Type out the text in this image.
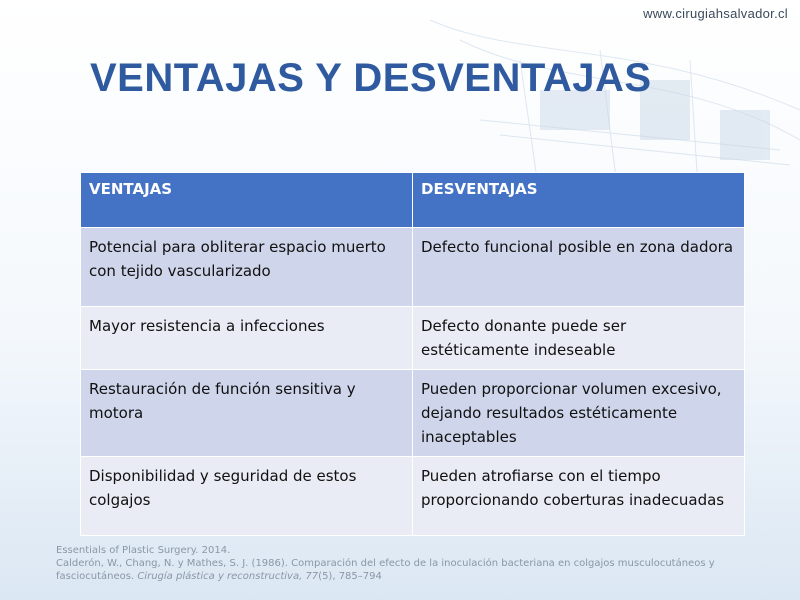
www.cirugiahsalvador.cl
VENTAJAS Y DESVENTAJAS
VENTAJAS	DESVENTAJAS
Potencial para obliterar espacio muerto con tejido vascularizado	Defecto funcional posible en zona dadora
Mayor resistencia a infecciones	Defecto donante puede ser estéticamente indeseable
Restauración de función sensitiva y motora	Pueden proporcionar volumen excesivo, dejando resultados estéticamente inaceptables
Disponibilidad y seguridad de estos colgajos	Pueden atrofiarse con el tiempo proporcionando coberturas inadecuadas
Essentials of Plastic Surgery. 2014.
Calderón, W., Chang, N. y Mathes, S. J. (1986). Comparación del efecto de la inoculación bacteriana en colgajos musculocutáneos y fasciocutáneos. Cirugía plástica y reconstructiva, 77(5), 785–794
